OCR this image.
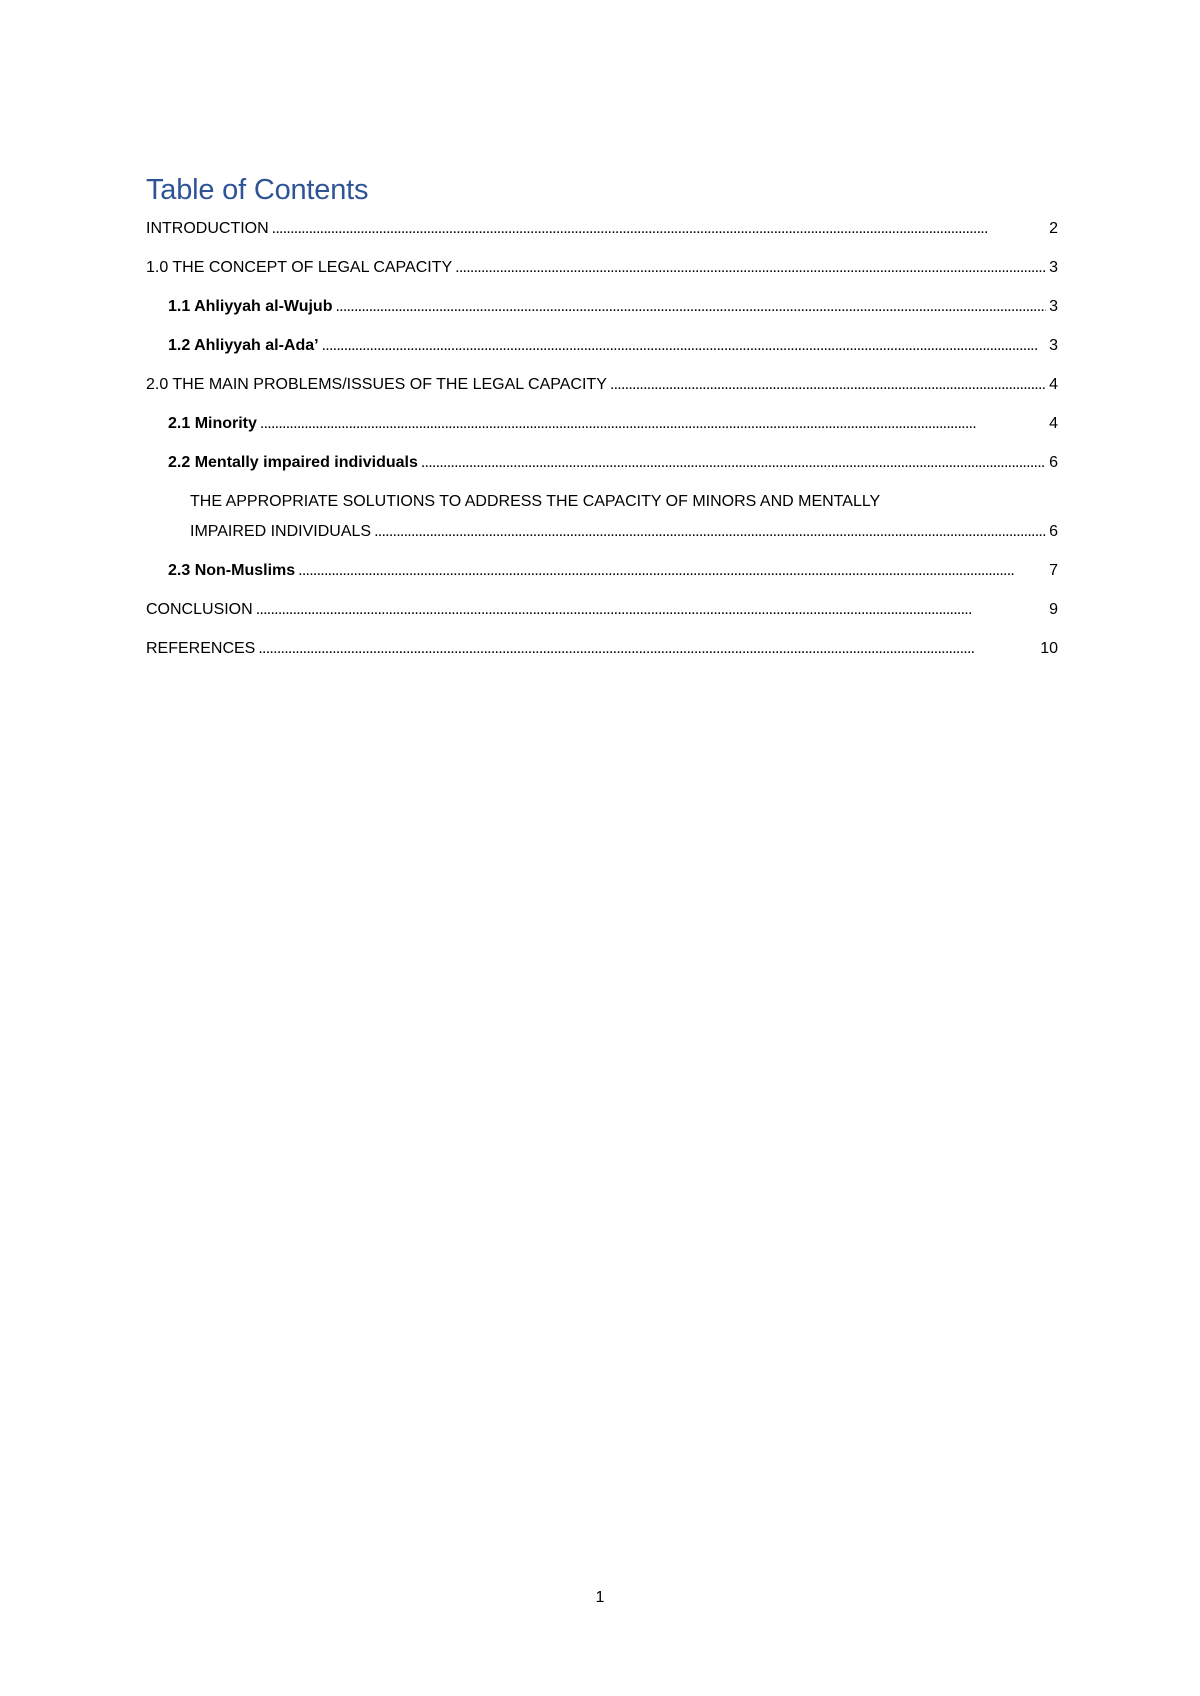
Table of Contents
INTRODUCTION . . .	2
1.0 THE CONCEPT OF LEGAL CAPACITY . . .	3
1.1 Ahliyyah al-Wujub . . .	3
1.2 Ahliyyah al-Ada’ . . .	3
2.0 THE MAIN PROBLEMS/ISSUES OF THE LEGAL CAPACITY . . .	4
2.1 Minority . . .	4
2.2 Mentally impaired individuals . . .	6
THE APPROPRIATE SOLUTIONS TO ADDRESS THE CAPACITY OF MINORS AND MENTALLY
IMPAIRED INDIVIDUALS . . .	6
2.3 Non-Muslims . . .	7
CONCLUSION . . .	9
REFERENCES . . .	10
1
